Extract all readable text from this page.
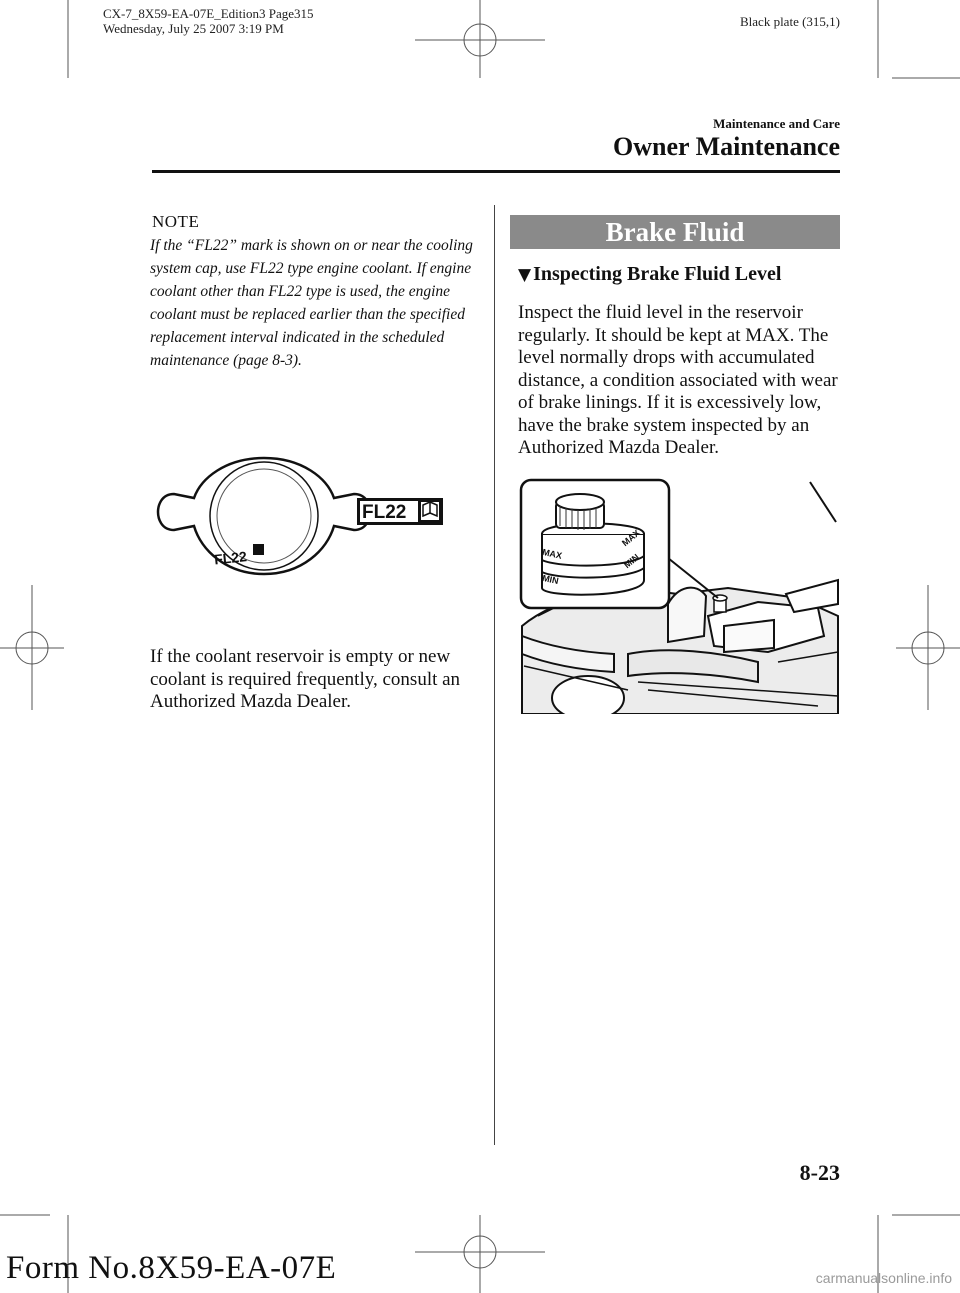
CX-7_8X59-EA-07E_Edition3 Page315
Wednesday, July 25 2007 3:19 PM	Black plate (315,1)
Maintenance and Care
Owner Maintenance
NOTE
If the “FL22” mark is shown on or near the cooling system cap, use FL22 type engine coolant. If engine coolant other than FL22 type is used, the engine coolant must be replaced earlier than the specified replacement interval indicated in the scheduled maintenance (page 8-3).
FL22
FL22
If the coolant reservoir is empty or new coolant is required frequently, consult an Authorized Mazda Dealer.
Brake Fluid
▼ Inspecting Brake Fluid Level
Inspect the fluid level in the reservoir regularly. It should be kept at MAX. The level normally drops with accumulated distance, a condition associated with wear of brake linings. If it is excessively low, have the brake system inspected by an Authorized Mazda Dealer.
MAX
MIN
MAX
MIN
8-23
Form No.8X59-EA-07E	carmanualsonline.info
